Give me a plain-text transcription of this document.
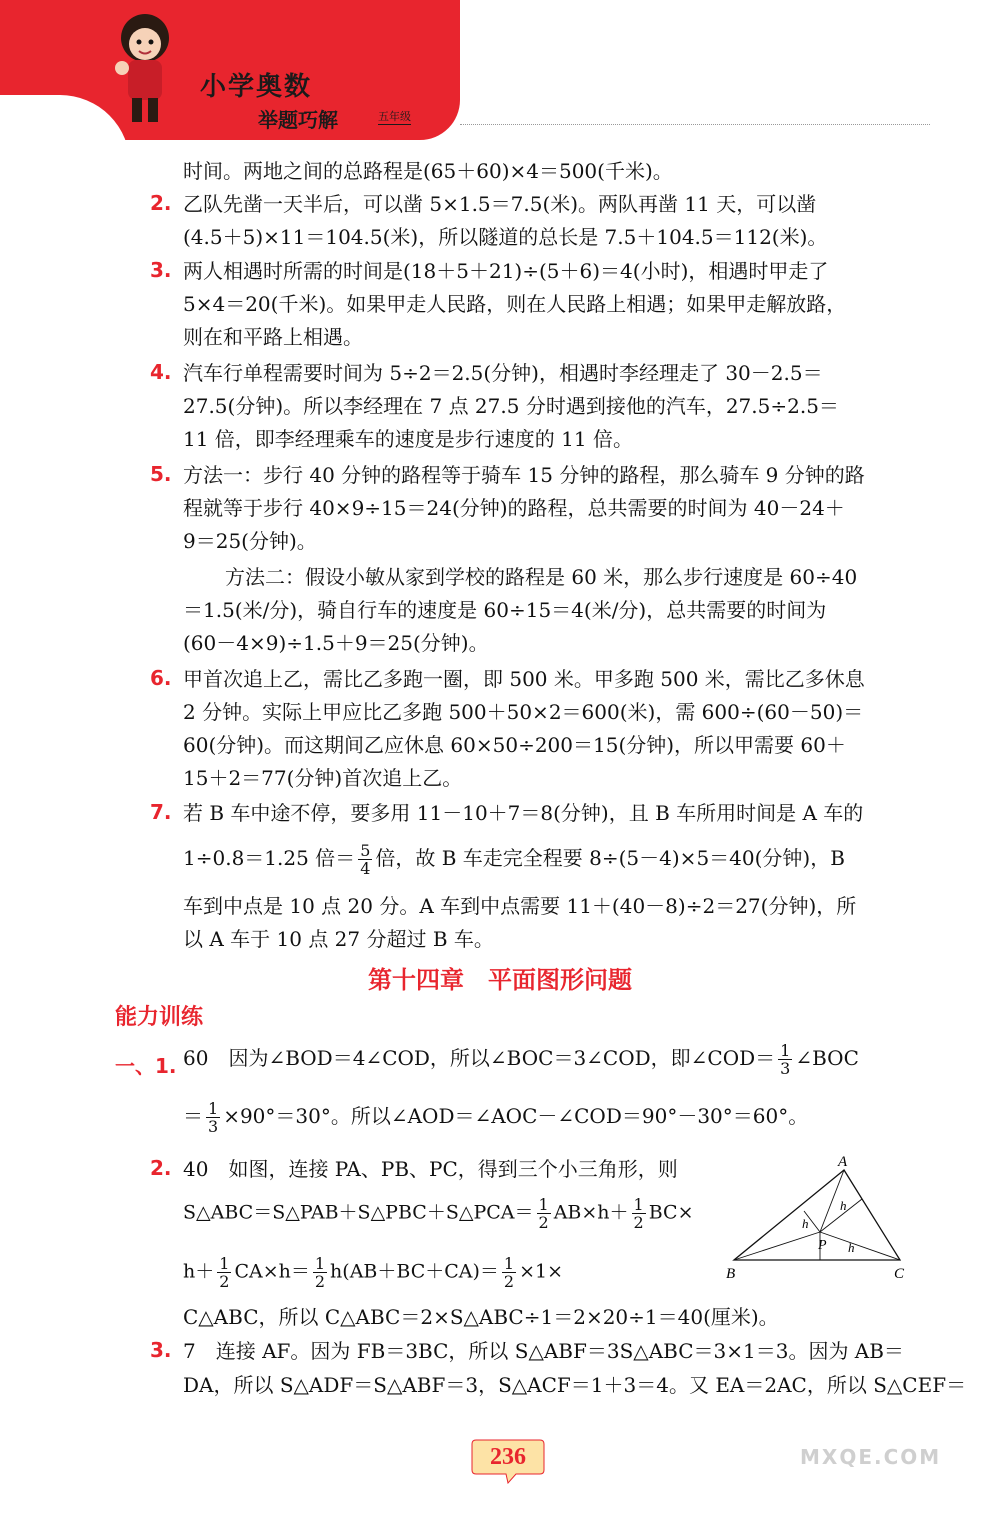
小学奥数
举题巧解	五年级
时间。两地之间的总路程是(65＋60)×4＝500(千米)。
2. 乙队先凿一天半后，可以凿 5×1.5＝7.5(米)。两队再凿 11 天，可以凿
(4.5＋5)×11＝104.5(米)，所以隧道的总长是 7.5＋104.5＝112(米)。
3. 两人相遇时所需的时间是(18＋5＋21)÷(5＋6)＝4(小时)，相遇时甲走了
5×4＝20(千米)。如果甲走人民路，则在人民路上相遇；如果甲走解放路，
则在和平路上相遇。
4. 汽车行单程需要时间为 5÷2＝2.5(分钟)，相遇时李经理走了 30－2.5＝
27.5(分钟)。所以李经理在 7 点 27.5 分时遇到接他的汽车，27.5÷2.5＝
11 倍，即李经理乘车的速度是步行速度的 11 倍。
5. 方法一：步行 40 分钟的路程等于骑车 15 分钟的路程，那么骑车 9 分钟的路
程就等于步行 40×9÷15＝24(分钟)的路程，总共需要的时间为 40－24＋
9＝25(分钟)。
方法二：假设小敏从家到学校的路程是 60 米，那么步行速度是 60÷40
＝1.5(米/分)，骑自行车的速度是 60÷15＝4(米/分)，总共需要的时间为
(60－4×9)÷1.5＋9＝25(分钟)。
6. 甲首次追上乙，需比乙多跑一圈，即 500 米。甲多跑 500 米，需比乙多休息
2 分钟。实际上甲应比乙多跑 500＋50×2＝600(米)，需 600÷(60－50)＝
60(分钟)。而这期间乙应休息 60×50÷200＝15(分钟)，所以甲需要 60＋
15＋2＝77(分钟)首次追上乙。
7. 若 B 车中途不停，要多用 11－10＋7＝8(分钟)，且 B 车所用时间是 A 车的
1÷0.8＝1.25 倍＝ $\frac{5}{4}$ 倍，故 B 车走完全程要 8÷(5－4)×5＝40(分钟)，B
车到中点是 10 点 20 分。A 车到中点需要 11＋(40－8)÷2＝27(分钟)，所
以 A 车于 10 点 27 分超过 B 车。
第十四章　平面图形问题
能力训练
一、1. 60　因为∠BOD＝4∠COD，所以∠BOC＝3∠COD，即∠COD＝ $\frac{1}{3}$ ∠BOC
＝ $\frac{1}{3} \times 90^\circ=30^\circ$。所以∠AOD＝∠AOC－∠COD＝90°－30°＝60°。
2. 40　如图，连接 PA、PB、PC，得到三个小三角形，则
S△ABC＝S△PAB＋S△PBC＋S△PCA＝ $\frac{1}{2} AB\times h+ \frac{1}{2} BC\times$
$h+ \frac{1}{2} CA\times h= \frac{1}{2} h(AB+BC+CA)= \frac{1}{2} \times 1\times$
C△ABC，所以 C△ABC＝2×S△ABC÷1＝2×20÷1＝40(厘米)。
A
B	C
P
h
h
h
3. 7　连接 AF。因为 FB＝3BC，所以 S△ABF＝3S△ABC＝3×1＝3。因为 AB＝
DA，所以 S△ADF＝S△ABF＝3，S△ACF＝1＋3＝4。又 EA＝2AC，所以 S△CEF＝
236	MXQE.COM
